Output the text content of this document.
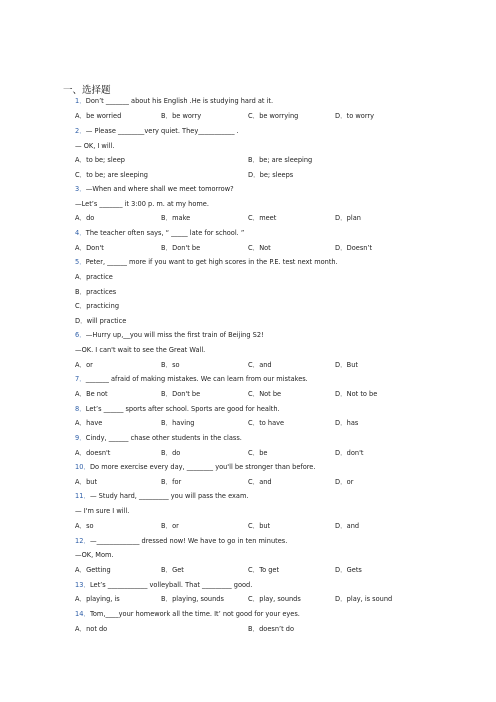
一、选择题
1．Don’t _______ about his English .He is studying hard at it.
A．be worried	B．be worry	C．be worrying	D．to worry
2．— Please ________very quiet. They___________ .
— OK, I will.
A．to be; sleep	B．be; are sleeping
C．to be; are sleeping	D．be; sleeps
3．—When and where shall we meet tomorrow?
—Let’s _______ it 3:00 p. m. at my home.
A．do	B．make	C．meet	D．plan
4．The teacher often says, “ _____ late for school. ”
A．Don't	B．Don't be	C．Not	D．Doesn’t
5．Peter, ______ more if you want to get high scores in the P.E. test next month.
A．practice
B．practices
C．practicing
D．will practice
6．—Hurry up,__you will miss the first train of Beijing S2!
—OK. I can't wait to see the Great Wall.
A．or	B．so	C．and	D．But
7．_______ afraid of making mistakes. We can learn from our mistakes.
A．Be not	B．Don't be	C．Not be	D．Not to be
8．Let’s ______ sports after school. Sports are good for health.
A．have	B．having	C．to have	D．has
9．Cindy, ______ chase other students in the class.
A．doesn't	B．do	C．be	D．don't
10．Do more exercise every day, ________ you'll be stronger than before.
A．but	B．for	C．and	D．or
11．— Study hard, _________ you will pass the exam.
— I'm sure I will.
A．so	B．or	C．but	D．and
12．—_____________ dressed now! We have to go in ten minutes.
—OK, Mom.
A．Getting	B．Get	C．To get	D．Gets
13．Let’s ____________ volleyball. That _________ good.
A．playing, is	B．playing, sounds	C．play, sounds	D．play, is sound
14．Tom,____your homework all the time. It’ not good for your eyes.
A．not do	B．doesn’t do
